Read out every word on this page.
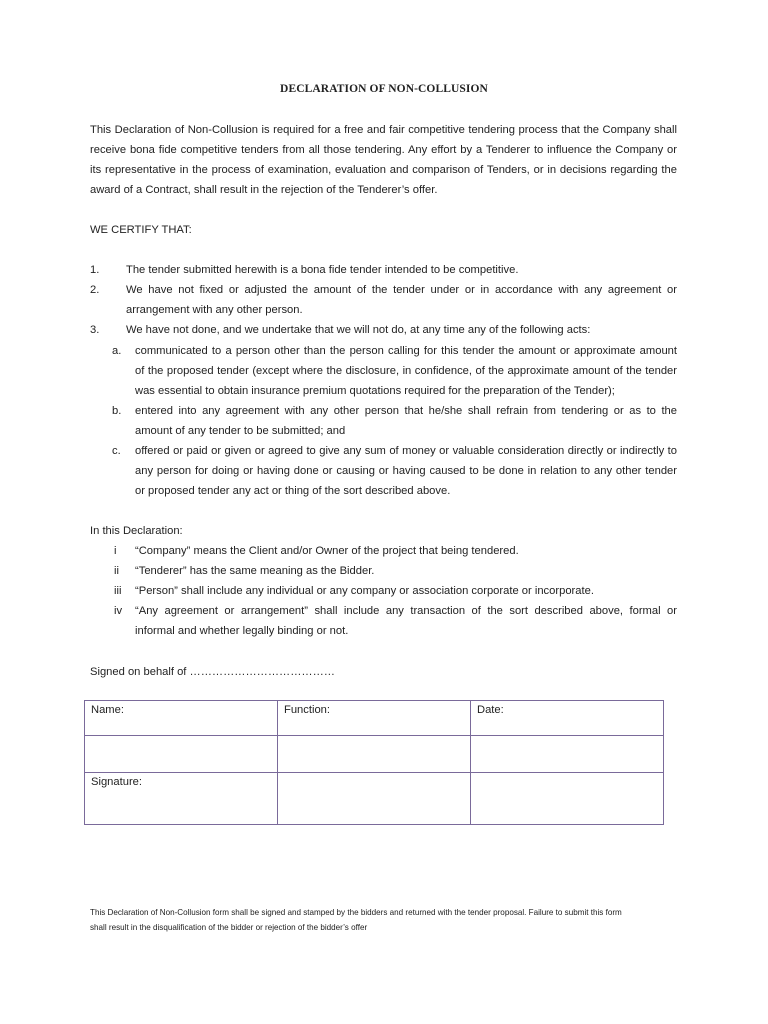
DECLARATION OF NON-COLLUSION
This Declaration of Non-Collusion is required for a free and fair competitive tendering process that the Company shall
receive bona fide competitive tenders from all those tendering. Any effort by a Tenderer to influence the Company or
its representative in the process of examination, evaluation and comparison of Tenders, or in decisions regarding the
award of a Contract, shall result in the rejection of the Tenderer’s offer.
WE CERTIFY THAT:
1. The tender submitted herewith is a bona fide tender intended to be competitive.
2. We have not fixed or adjusted the amount of the tender under or in accordance with any agreement or
arrangement with any other person.
3. We have not done, and we undertake that we will not do, at any time any of the following acts:
a. communicated to a person other than the person calling for this tender the amount or approximate amount
of the proposed tender (except where the disclosure, in confidence, of the approximate amount of the tender
was essential to obtain insurance premium quotations required for the preparation of the Tender);
b. entered into any agreement with any other person that he/she shall refrain from tendering or as to the
amount of any tender to be submitted; and
c. offered or paid or given or agreed to give any sum of money or valuable consideration directly or indirectly to
any person for doing or having done or causing or having caused to be done in relation to any other tender
or proposed tender any act or thing of the sort described above.
In this Declaration:
i “Company” means the Client and/or Owner of the project that being tendered.
ii “Tenderer” has the same meaning as the Bidder.
iii “Person” shall include any individual or any company or association corporate or incorporate.
iv “Any agreement or arrangement” shall include any transaction of the sort described above, formal or
informal and whether legally binding or not.
Signed on behalf of …………………………………
Name:	Function:	Date:

Signature:		
This Declaration of Non-Collusion form shall be signed and stamped by the bidders and returned with the tender proposal. Failure to submit this form
shall result in the disqualification of the bidder or rejection of the bidder’s offer
